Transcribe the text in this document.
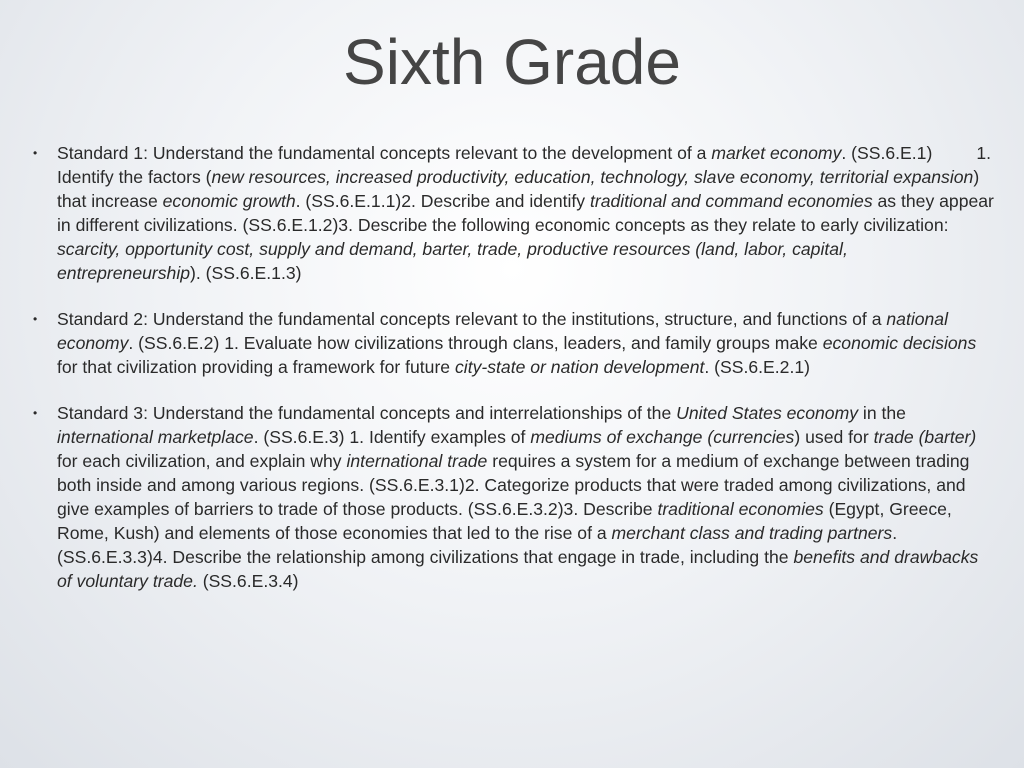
Sixth Grade
• Standard 1: Understand the fundamental concepts relevant to the development of a market economy. (SS.6.E.1)	1. Identify the factors (new resources, increased productivity, education, technology, slave economy, territorial expansion) that increase economic growth. (SS.6.E.1.1)2. Describe and identify traditional and command economies as they appear in different civilizations. (SS.6.E.1.2)3. Describe the following economic concepts as they relate to early civilization: scarcity, opportunity cost, supply and demand, barter, trade, productive resources (land, labor, capital, entrepreneurship). (SS.6.E.1.3)
• Standard 2: Understand the fundamental concepts relevant to the institutions, structure, and functions of a national economy. (SS.6.E.2) 1. Evaluate how civilizations through clans, leaders, and family groups make economic decisions for that civilization providing a framework for future city-state or nation development. (SS.6.E.2.1)
• Standard 3: Understand the fundamental concepts and interrelationships of the United States economy in the international marketplace. (SS.6.E.3) 1. Identify examples of mediums of exchange (currencies) used for trade (barter) for each civilization, and explain why international trade requires a system for a medium of exchange between trading both inside and among various regions. (SS.6.E.3.1)2. Categorize products that were traded among civilizations, and give examples of barriers to trade of those products. (SS.6.E.3.2)3. Describe traditional economies (Egypt, Greece, Rome, Kush) and elements of those economies that led to the rise of a merchant class and trading partners. (SS.6.E.3.3)4. Describe the relationship among civilizations that engage in trade, including the benefits and drawbacks of voluntary trade. (SS.6.E.3.4)
